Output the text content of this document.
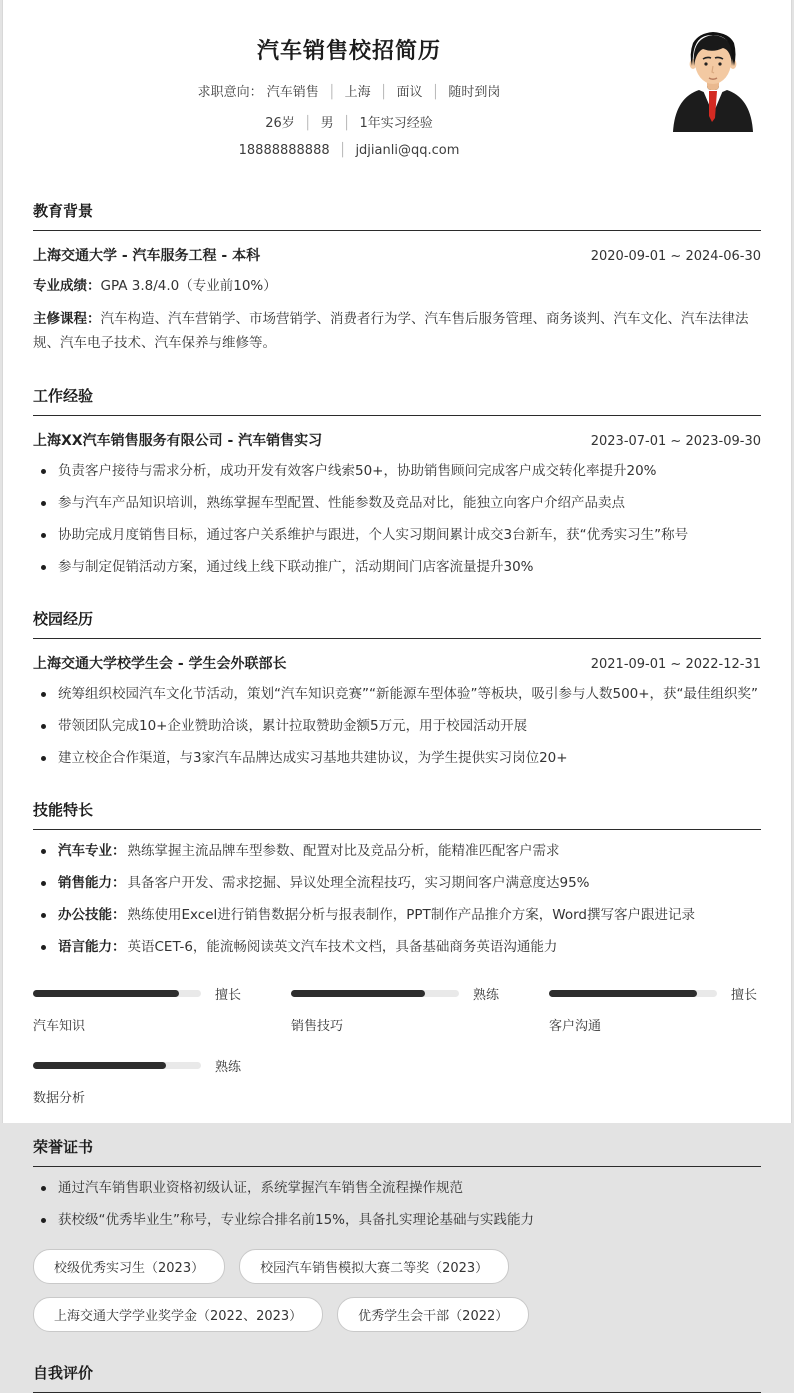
汽车销售校招简历
求职意向： 汽车销售 │ 上海 │ 面议 │ 随时到岗
26岁 │ 男 │ 1年实习经验
18888888888 │ jdjianli@qq.com
教育背景
上海交通大学 - 汽车服务工程 - 本科	2020-09-01 ~ 2024-06-30
专业成绩：GPA 3.8/4.0（专业前10%）
主修课程：汽车构造、汽车营销学、市场营销学、消费者行为学、汽车售后服务管理、商务谈判、汽车文化、汽车法律法规、汽车电子技术、汽车保养与维修等。
工作经验
上海XX汽车销售服务有限公司 - 汽车销售实习	2023-07-01 ~ 2023-09-30
负责客户接待与需求分析，成功开发有效客户线索50+，协助销售顾问完成客户成交转化率提升20%
参与汽车产品知识培训，熟练掌握车型配置、性能参数及竞品对比，能独立向客户介绍产品卖点
协助完成月度销售目标，通过客户关系维护与跟进，个人实习期间累计成交3台新车，获“优秀实习生”称号
参与制定促销活动方案，通过线上线下联动推广，活动期间门店客流量提升30%
校园经历
上海交通大学校学生会 - 学生会外联部长	2021-09-01 ~ 2022-12-31
统筹组织校园汽车文化节活动，策划“汽车知识竞赛”“新能源车型体验”等板块，吸引参与人数500+，获“最佳组织奖”
带领团队完成10+企业赞助洽谈，累计拉取赞助金额5万元，用于校园活动开展
建立校企合作渠道，与3家汽车品牌达成实习基地共建协议，为学生提供实习岗位20+
技能特长
汽车专业： 熟练掌握主流品牌车型参数、配置对比及竞品分析，能精准匹配客户需求
销售能力： 具备客户开发、需求挖掘、异议处理全流程技巧，实习期间客户满意度达95%
办公技能： 熟练使用Excel进行销售数据分析与报表制作，PPT制作产品推介方案，Word撰写客户跟进记录
语言能力： 英语CET-6，能流畅阅读英文汽车技术文档，具备基础商务英语沟通能力
擅长
汽车知识
熟练
销售技巧
擅长
客户沟通
熟练
数据分析
荣誉证书
通过汽车销售职业资格初级认证，系统掌握汽车销售全流程操作规范
获校级“优秀毕业生”称号，专业综合排名前15%，具备扎实理论基础与实践能力
校级优秀实习生（2023）	校园汽车销售模拟大赛二等奖（2023）
上海交通大学学业奖学金（2022、2023）	优秀学生会干部（2022）
自我评价
